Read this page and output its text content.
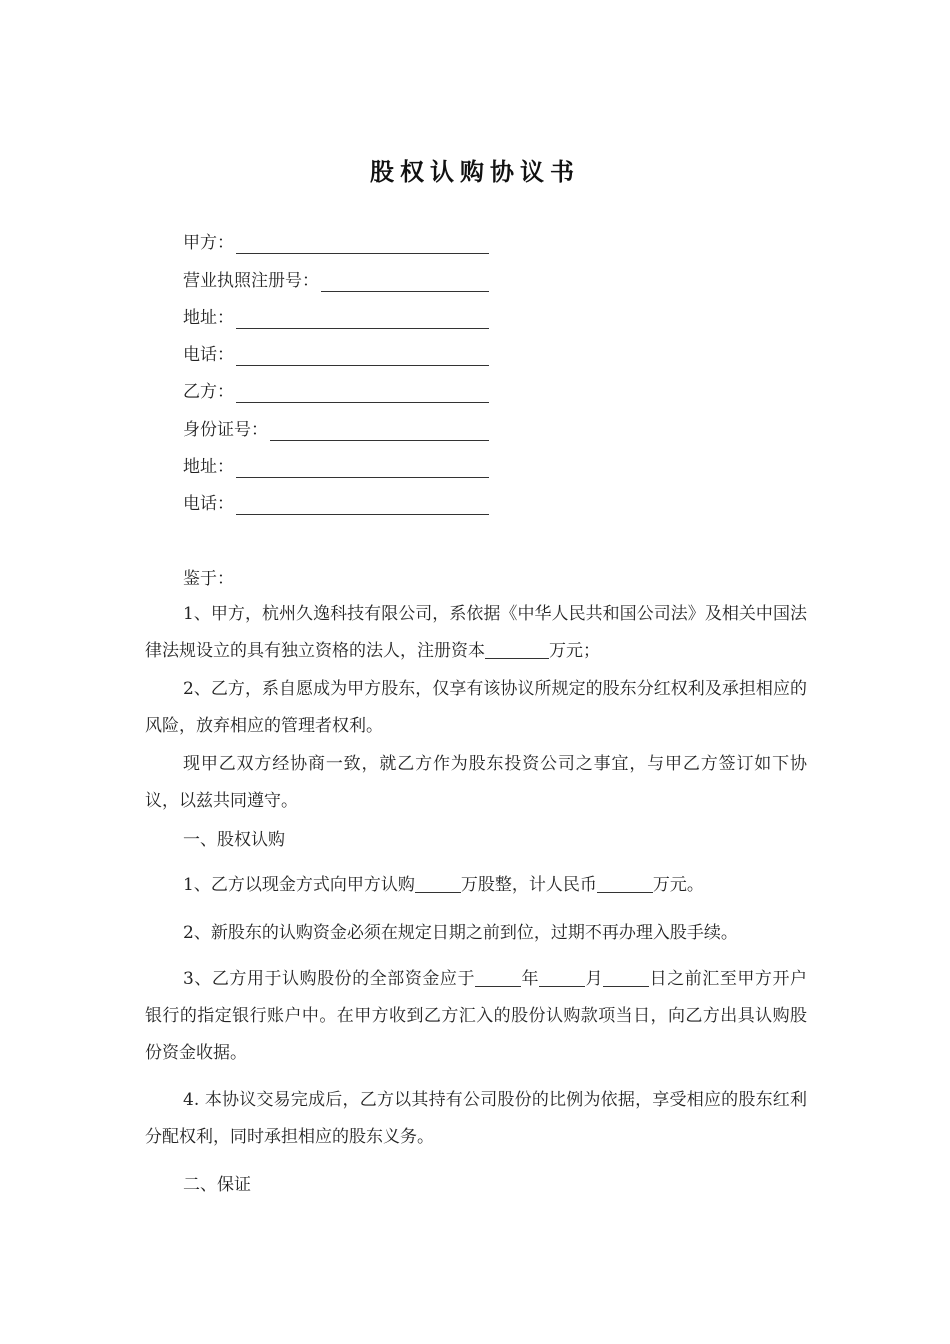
股权认购协议书
甲方：
营业执照注册号：
地址：
电话：
乙方：
身份证号：
地址：
电话：
鉴于：

1、甲方，杭州久逸科技有限公司，系依据《中华人民共和国公司法》及相关中国法律法规设立的具有独立资格的法人，注册资本	万元；

2、乙方，系自愿成为甲方股东，仅享有该协议所规定的股东分红权利及承担相应的风险，放弃相应的管理者权利。

现甲乙双方经协商一致，就乙方作为股东投资公司之事宜，与甲乙方签订如下协议，以兹共同遵守。

一、股权认购

1、乙方以现金方式向甲方认购	万股整，计人民币	万元。

2、新股东的认购资金必须在规定日期之前到位，过期不再办理入股手续。

3、乙方用于认购股份的全部资金应于	年	月	日之前汇至甲方开户银行的指定银行账户中。在甲方收到乙方汇入的股份认购款项当日，向乙方出具认购股份资金收据。

4. 本协议交易完成后，乙方以其持有公司股份的比例为依据，享受相应的股东红利分配权利，同时承担相应的股东义务。

二、保证
